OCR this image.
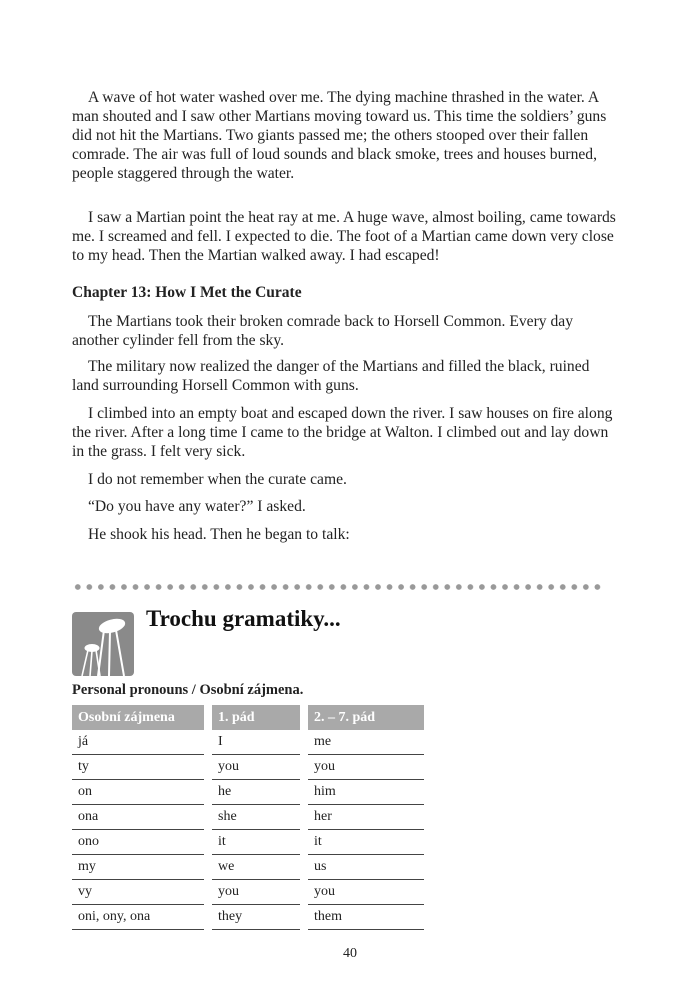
A wave of hot water washed over me. The dying machine thrashed in the water. A man shouted and I saw other Martians moving toward us. This time the soldiers’ guns did not hit the Martians. Two giants passed me; the others stooped over their fallen comrade. The air was full of loud sounds and black smoke, trees and houses burned, people staggered through the water.

I saw a Martian point the heat ray at me. A huge wave, almost boiling, came towards me. I screamed and fell. I expected to die. The foot of a Martian came down very close to my head. Then the Martian walked away. I had escaped!

Chapter 13: How I Met the Curate

The Martians took their broken comrade back to Horsell Common. Every day another cylinder fell from the sky.

The military now realized the danger of the Martians and filled the black, ruined land surrounding Horsell Common with guns.

I climbed into an empty boat and escaped down the river. I saw houses on fire along the river. After a long time I came to the bridge at Walton. I climbed out and lay down in the grass. I felt very sick.

I do not remember when the curate came.

“Do you have any water?” I asked.

He shook his head. Then he began to talk:

Trochu gramatiky...
Personal pronouns / Osobní zájmena.
Osobní zájmena	1. pád	2. – 7. pád
já	I	me
ty	you	you
on	he	him
ona	she	her
ono	it	it
my	we	us
vy	you	you
oni, ony, ona	they	them
40
